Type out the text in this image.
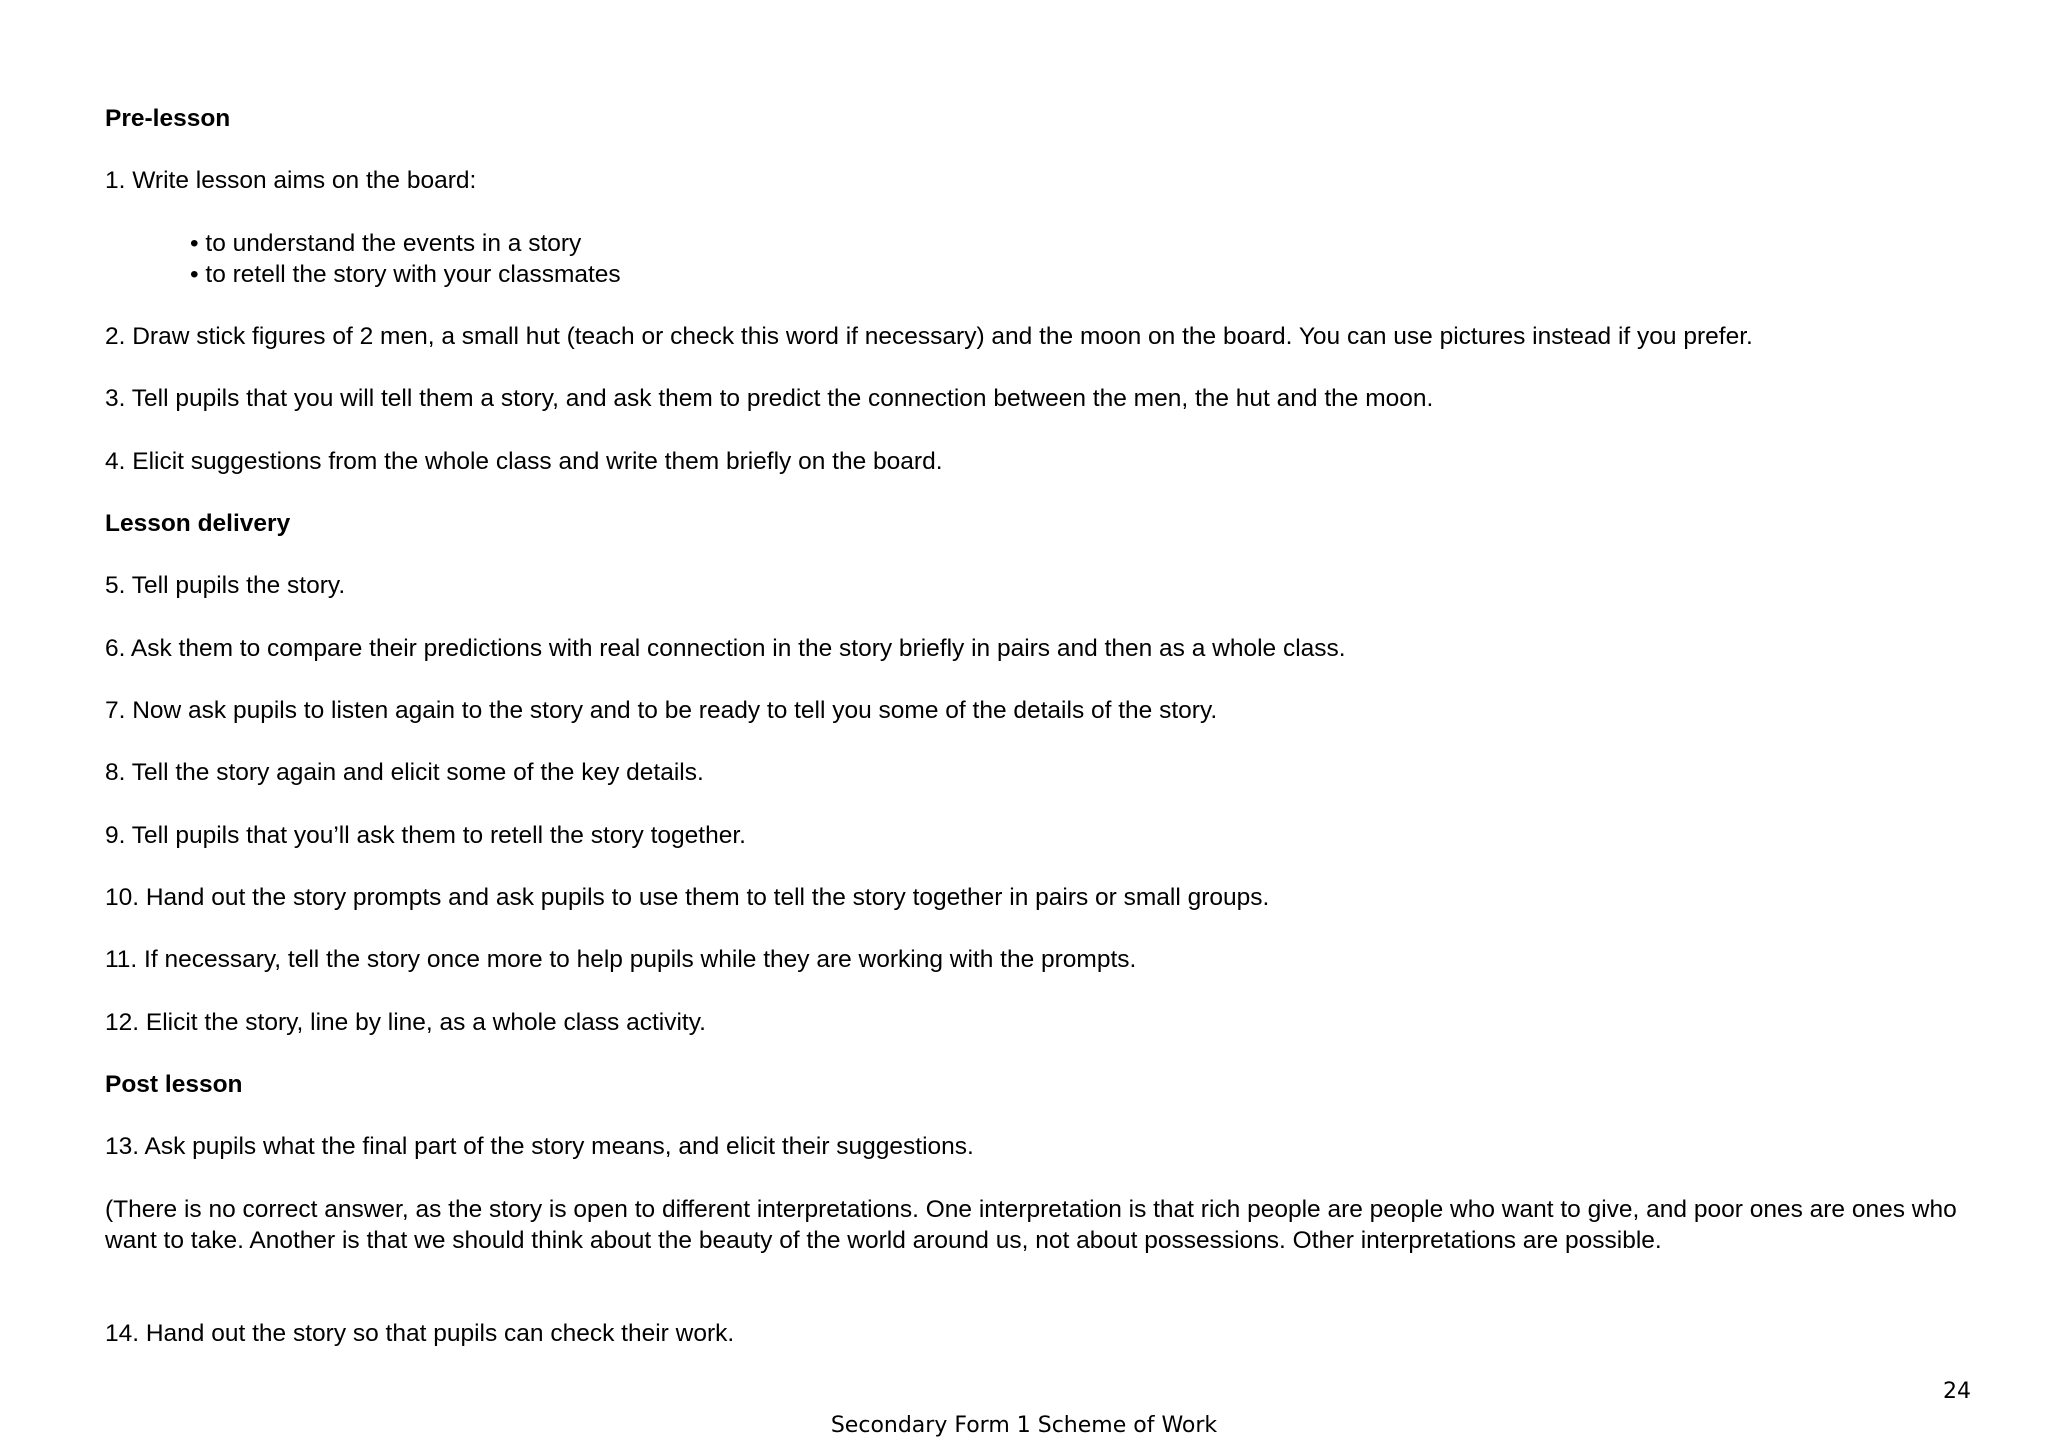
Pre-lesson

1. Write lesson aims on the board:

• to understand the events in a story

• to retell the story with your classmates

2. Draw stick figures of 2 men, a small hut (teach or check this word if necessary) and the moon on the board. You can use pictures instead if you prefer.

3. Tell pupils that you will tell them a story, and ask them to predict the connection between the men, the hut and the moon.

4. Elicit suggestions from the whole class and write them briefly on the board.

Lesson delivery

5. Tell pupils the story.

6. Ask them to compare their predictions with real connection in the story briefly in pairs and then as a whole class.

7. Now ask pupils to listen again to the story and to be ready to tell you some of the details of the story.

8. Tell the story again and elicit some of the key details.

9. Tell pupils that you’ll ask them to retell the story together.

10. Hand out the story prompts and ask pupils to use them to tell the story together in pairs or small groups.

11. If necessary, tell the story once more to help pupils while they are working with the prompts.

12. Elicit the story, line by line, as a whole class activity.

Post lesson

13. Ask pupils what the final part of the story means, and elicit their suggestions.

(There is no correct answer, as the story is open to different interpretations. One interpretation is that rich people are people who want to give, and poor ones are ones who want to take. Another is that we should think about the beauty of the world around us, not about possessions. Other interpretations are possible.

14. Hand out the story so that pupils can check their work.

24
Secondary Form 1 Scheme of Work
